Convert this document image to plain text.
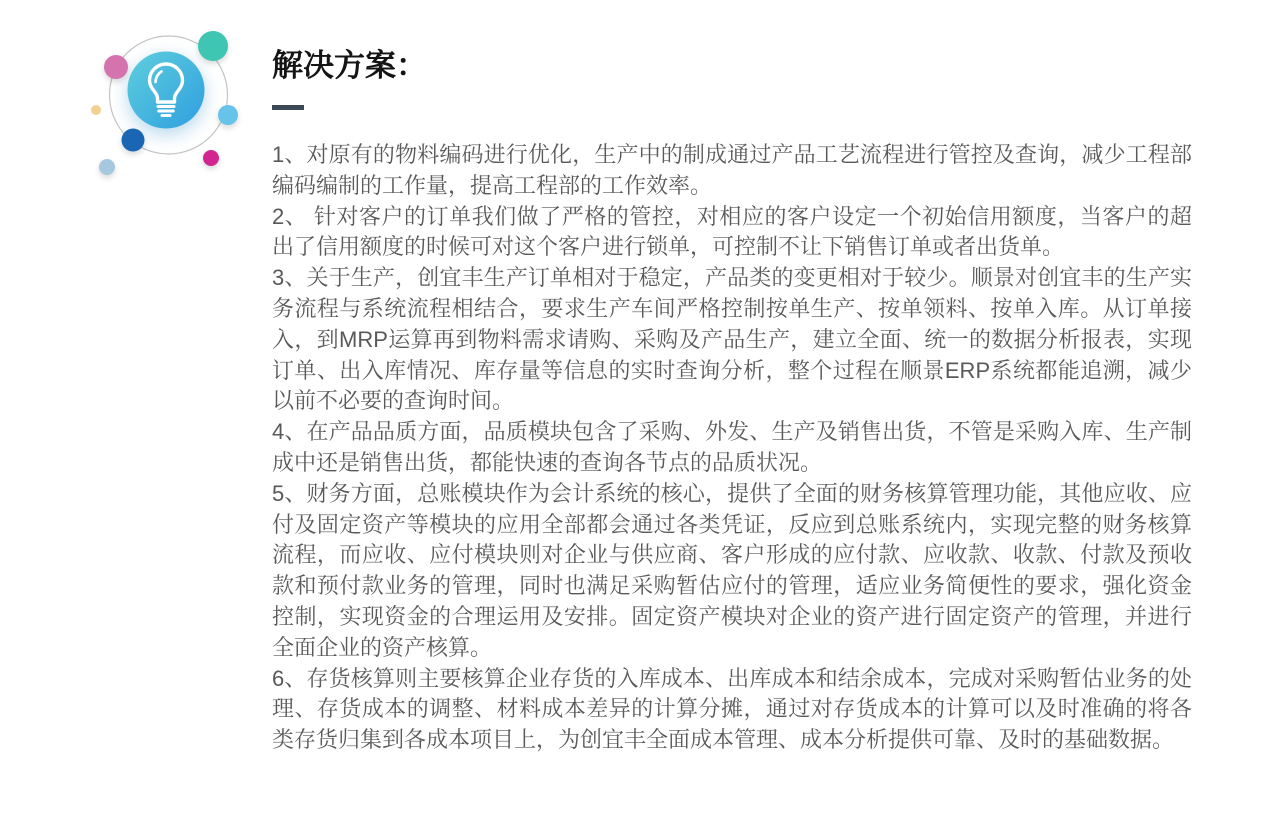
解决方案：

1、对原有的物料编码进行优化，生产中的制成通过产品工艺流程进行管控及查询，减少工程部编码编制的工作量，提高工程部的工作效率。

2、 针对客户的订单我们做了严格的管控，对相应的客户设定一个初始信用额度，当客户的超出了信用额度的时候可对这个客户进行锁单，可控制不让下销售订单或者出货单。

3、关于生产，创宜丰生产订单相对于稳定，产品类的变更相对于较少。顺景对创宜丰的生产实务流程与系统流程相结合，要求生产车间严格控制按单生产、按单领料、按单入库。从订单接入，到MRP运算再到物料需求请购、采购及产品生产，建立全面、统一的数据分析报表，实现订单、出入库情况、库存量等信息的实时查询分析，整个过程在顺景ERP系统都能追溯，减少以前不必要的查询时间。

4、在产品品质方面，品质模块包含了采购、外发、生产及销售出货，不管是采购入库、生产制成中还是销售出货，都能快速的查询各节点的品质状况。

5、财务方面，总账模块作为会计系统的核心，提供了全面的财务核算管理功能，其他应收、应付及固定资产等模块的应用全部都会通过各类凭证，反应到总账系统内，实现完整的财务核算流程，而应收、应付模块则对企业与供应商、客户形成的应付款、应收款、收款、付款及预收款和预付款业务的管理，同时也满足采购暂估应付的管理，适应业务简便性的要求，强化资金控制，实现资金的合理运用及安排。固定资产模块对企业的资产进行固定资产的管理，并进行全面企业的资产核算。

6、存货核算则主要核算企业存货的入库成本、出库成本和结余成本，完成对采购暂估业务的处理、存货成本的调整、材料成本差异的计算分摊，通过对存货成本的计算可以及时准确的将各类存货归集到各成本项目上，为创宜丰全面成本管理、成本分析提供可靠、及时的基础数据。
